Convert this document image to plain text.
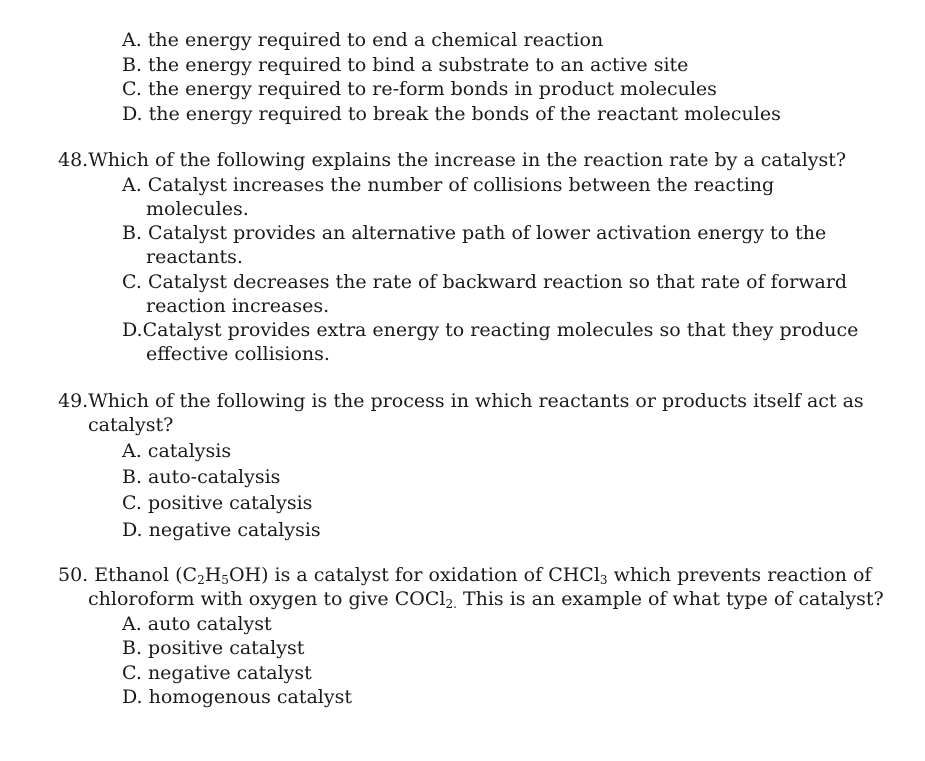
A. the energy required to end a chemical reaction
B. the energy required to bind a substrate to an active site
C. the energy required to re-form bonds in product molecules
D. the energy required to break the bonds of the reactant molecules
48.Which of the following explains the increase in the reaction rate by a catalyst?
A. Catalyst increases the number of collisions between the reacting
molecules.
B. Catalyst provides an alternative path of lower activation energy to the
reactants.
C. Catalyst decreases the rate of backward reaction so that rate of forward
reaction increases.
D.Catalyst provides extra energy to reacting molecules so that they produce
effective collisions.
49.Which of the following is the process in which reactants or products itself act as
catalyst?
A. catalysis
B. auto-catalysis
C. positive catalysis
D. negative catalysis
50. Ethanol $(C_2H_5OH)$ is a catalyst for oxidation of CHCl$_3$ which prevents reaction of
chloroform with oxygen to give COCl$_{2.}$ This is an example of what type of catalyst?
A. auto catalyst
B. positive catalyst
C. negative catalyst
D. homogenous catalyst
